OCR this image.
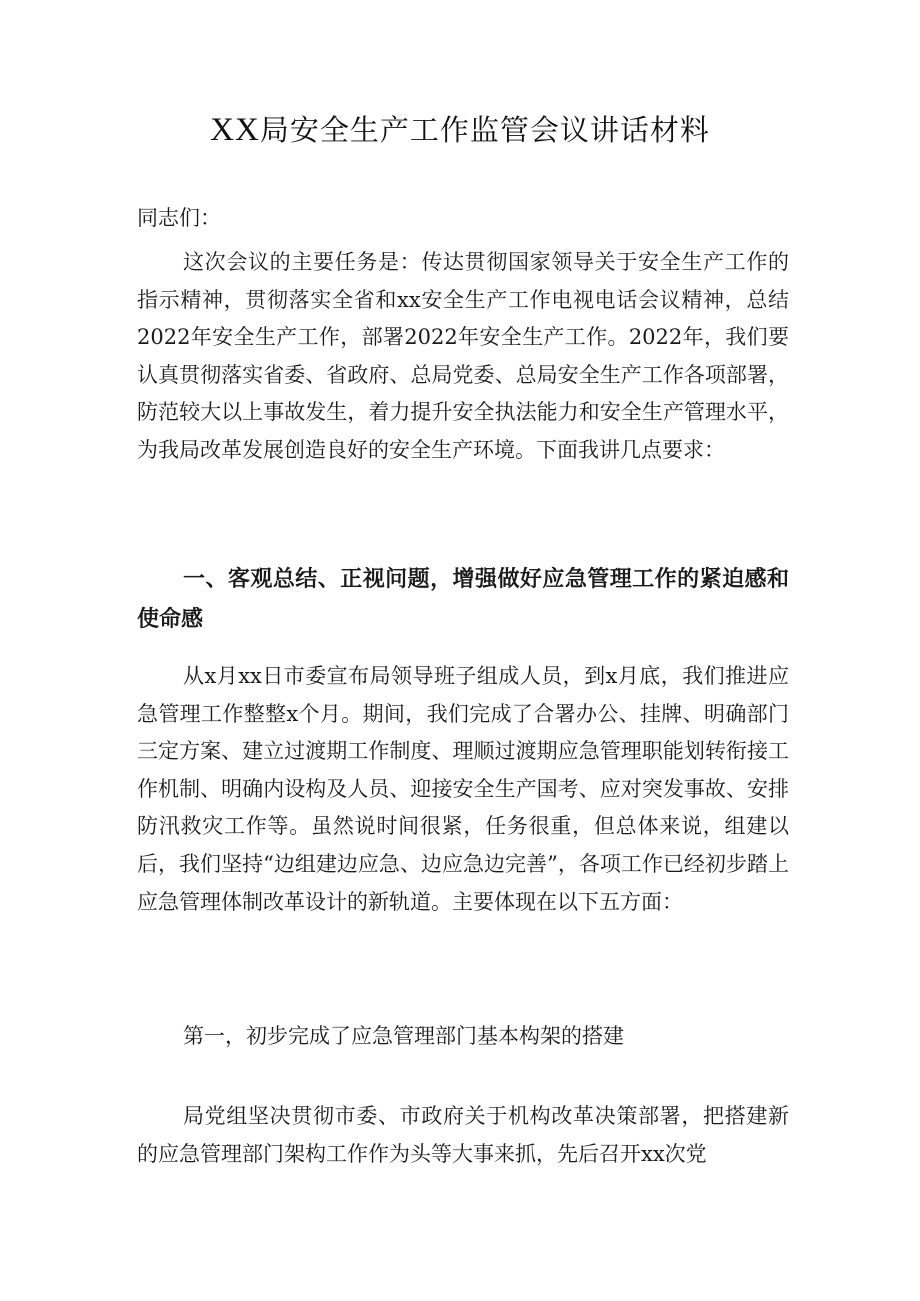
XX局安全生产工作监管会议讲话材料

同志们：

这次会议的主要任务是：传达贯彻国家领导关于安全生产工作的指示精神，贯彻落实全省和xx安全生产工作电视电话会议精神，总结2022年安全生产工作，部署2022年安全生产工作。2022年，我们要认真贯彻落实省委、省政府、总局党委、总局安全生产工作各项部署，防范较大以上事故发生，着力提升安全执法能力和安全生产管理水平，为我局改革发展创造良好的安全生产环境。下面我讲几点要求：

一、客观总结、正视问题，增强做好应急管理工作的紧迫感和使命感

从x月xx日市委宣布局领导班子组成人员，到x月底，我们推进应急管理工作整整x个月。期间，我们完成了合署办公、挂牌、明确部门三定方案、建立过渡期工作制度、理顺过渡期应急管理职能划转衔接工作机制、明确内设构及人员、迎接安全生产国考、应对突发事故、安排防汛救灾工作等。虽然说时间很紧，任务很重，但总体来说，组建以后，我们坚持“边组建边应急、边应急边完善”，各项工作已经初步踏上应急管理体制改革设计的新轨道。主要体现在以下五方面：

第一，初步完成了应急管理部门基本构架的搭建

局党组坚决贯彻市委、市政府关于机构改革决策部署，把搭建新的应急管理部门架构工作作为头等大事来抓，先后召开xx次党
